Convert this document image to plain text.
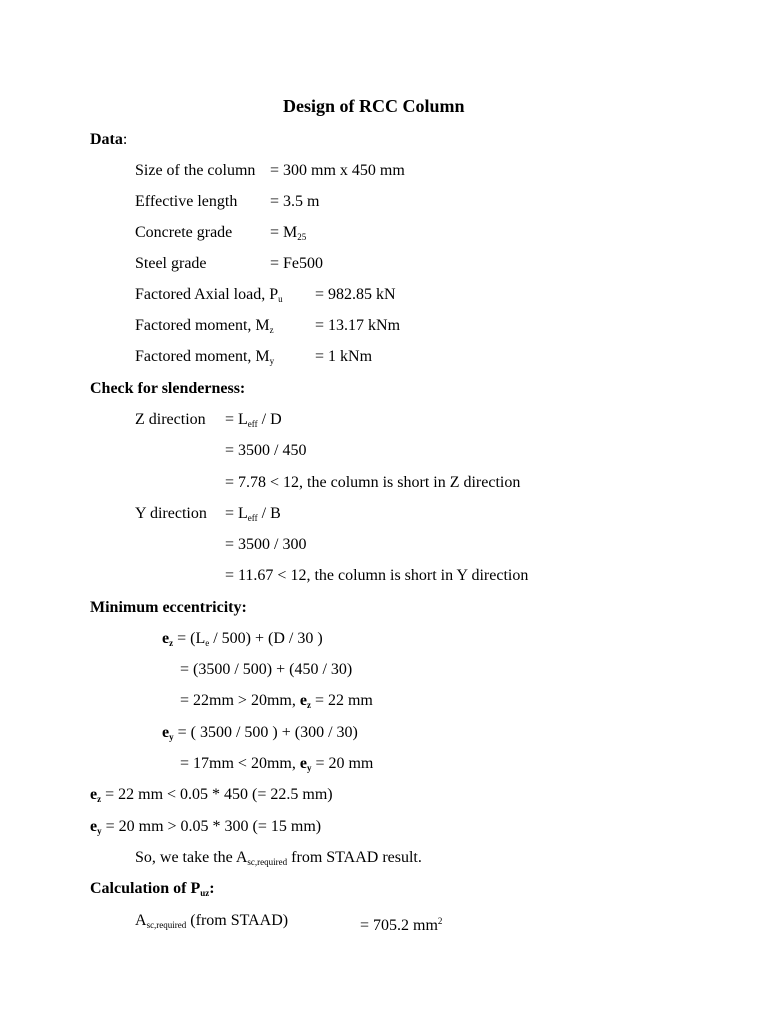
Design of RCC Column
Data:
Size of the column = 300 mm x 450 mm
Effective length = 3.5 m
Concrete grade = $M_{25}$
Steel grade	= Fe500
Factored Axial load, $P_u = 982.85$ kN
Factored moment, $M_z$	= 13.17 kNm
Factored moment, $M_y$	= 1 kNm
Check for slenderness:
Z direction = $L_{eff}$ / D
= 3500 / 450
= 7.78 < 12, the column is short in Z direction
Y direction = $L_{eff}$ / B
= 3500 / 300
= 11.67 < 12, the column is short in Y direction
Minimum eccentricity:
ez = $(L_e / 500) + (D / 30$ )
= (3500 / 500) + (450 / 30)
= 22mm > 20mm, ez = 22 mm
ey = ( 3500 / 500 ) + (300 / 30)
= 17mm < 20mm, ey = 20 mm
ez = 22 mm < 0.05 * 450 (= 22.5 mm)
ey = 20 mm > 0.05 * 300 (= 15 mm)
So, we take the $A_{sc,required}$ from STAAD result.
Calculation of Puz:
$A_{sc,required}$ (from STAAD)	= 705.2 $mm^2$
